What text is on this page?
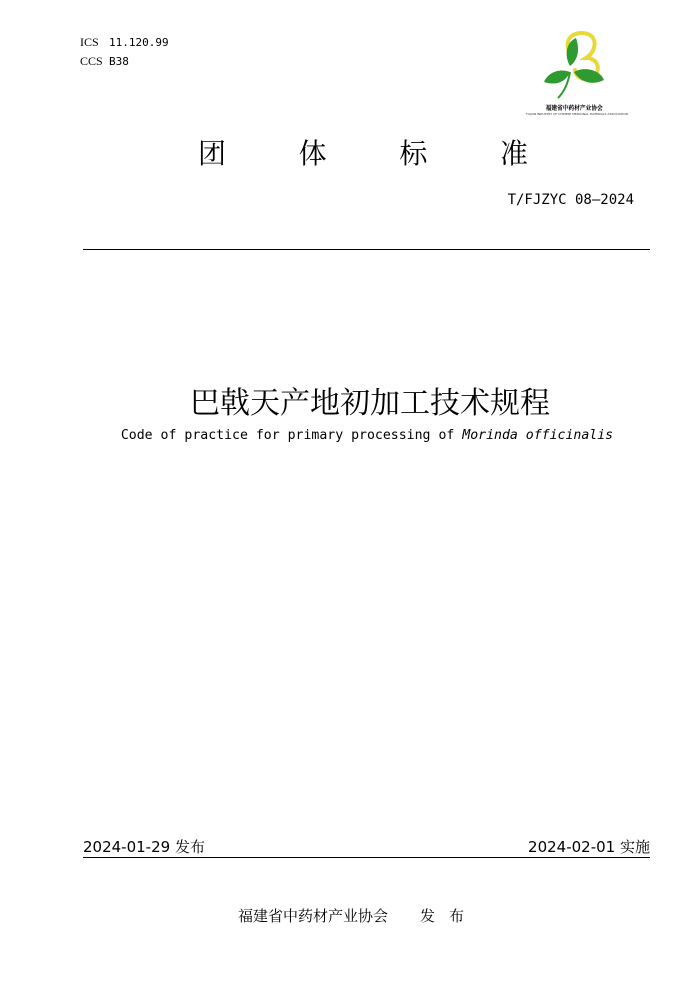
ICS 11.120.99
CCS B38
福建省中药材产业协会
FUJIAN INDUSTRY OF CHINESE MEDICINAL MATERIALS ASSOCIATION
团	体	标	准
T/FJZYC 08—2024
巴戟天产地初加工技术规程
Code of practice for primary processing of Morinda officinalis
2024-01-29 发布	2024-02-01 实施
福建省中药材产业协会 发布
